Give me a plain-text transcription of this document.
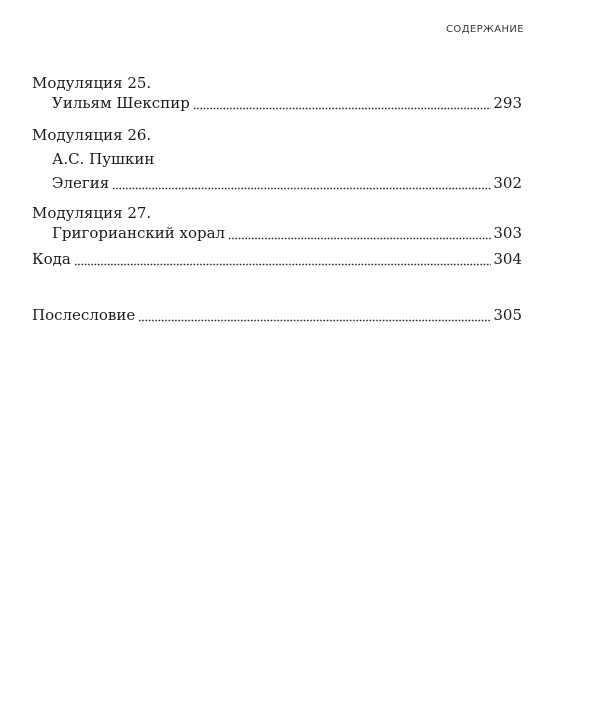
СОДЕРЖАНИЕ
Модуляция 25.
Уильям Шекспир	293
Модуляция 26.
А.С. Пушкин
Элегия	302
Модуляция 27.
Григорианский хорал	303
Кода	304
Послесловие	305
